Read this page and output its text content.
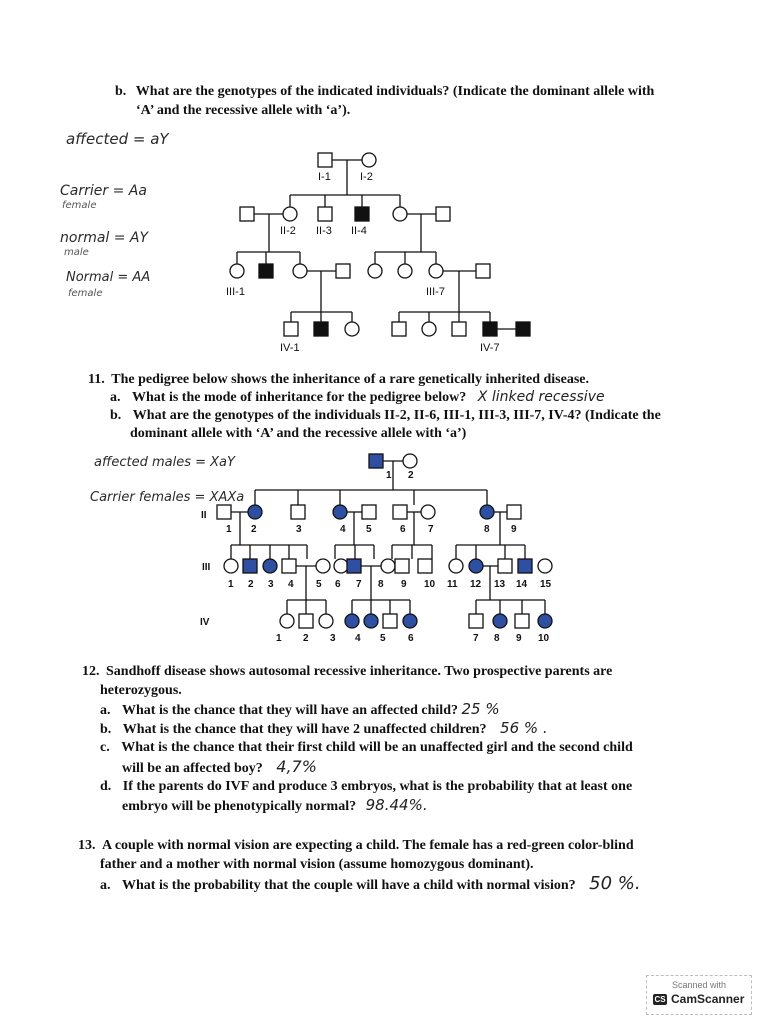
b. What are the genotypes of the indicated individuals? (Indicate the dominant allele with
‘A’ and the recessive allele with ‘a’).
affected = aY
Carrier = Aa
female
normal = AY
male
Normal = AA
female
I-1	I-2
II-2 II-3 II-4
III-1	III-7
IV-1	IV-7
11. The pedigree below shows the inheritance of a rare genetically inherited disease.
a. What is the mode of inheritance for the pedigree below? X linked recessive
b. What are the genotypes of the individuals II-2, II-6, III-1, III-3, III-7, IV-4? (Indicate the
dominant allele with ‘A’ and the recessive allele with ‘a’)
affected males = XaY
Carrier females = XAXa
1 2
II
1 2	3	4 5	6 7	8 9
III
1 2 3 4 5 6 7 8 9 10 11 12 13 14 15
IV
1 2 3 4 5 6	7 8 9 10
12. Sandhoff disease shows autosomal recessive inheritance. Two prospective parents are
heterozygous.
a. What is the chance that they will have an affected child? 25 %
b. What is the chance that they will have 2 unaffected children? 56 % .
c. What is the chance that their first child will be an unaffected girl and the second child
will be an affected boy? 4,7%
d. If the parents do IVF and produce 3 embryos, what is the probability that at least one
embryo will be phenotypically normal? 98.44%.
13. A couple with normal vision are expecting a child. The female has a red-green color-blind
father and a mother with normal vision (assume homozygous dominant).
a. What is the probability that the couple will have a child with normal vision? 50 %.
Scanned with
CS CamScanner
